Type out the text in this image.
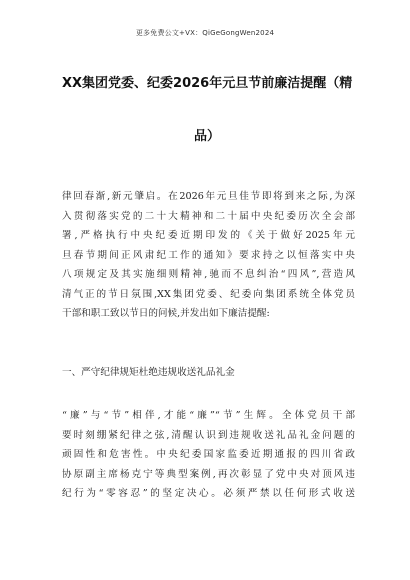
更多免费公文+VX：QiGeGongWen2024
XX集团党委、纪委2026年元旦节前廉洁提醒（精
品）
律回春渐,新元肇启。在2026年元旦佳节即将到来之际,为深
入贯彻落实党的二十大精神和二十届中央纪委历次全会部
署,严格执行中央纪委近期印发的《关于做好2025年元
旦春节期间正风肃纪工作的通知》要求持之以恒落实中央
八项规定及其实施细则精神,驰而不息纠治“四风”,营造风
清气正的节日氛围,XX集团党委、纪委向集团系统全体党员
干部和职工致以节日的问候,并发出如下廉洁提醒:
一、严守纪律规矩杜绝违规收送礼品礼金
“廉”与“节”相伴,才能“廉”“节”生辉。全体党员干部
要时刻绷紧纪律之弦,清醒认识到违规收送礼品礼金问题的
顽固性和危害性。中央纪委国家监委近期通报的四川省政
协原副主席杨克宁等典型案例,再次彰显了党中央对顶风违
纪行为“零容忍”的坚定决心。必须严禁以任何形式收送
